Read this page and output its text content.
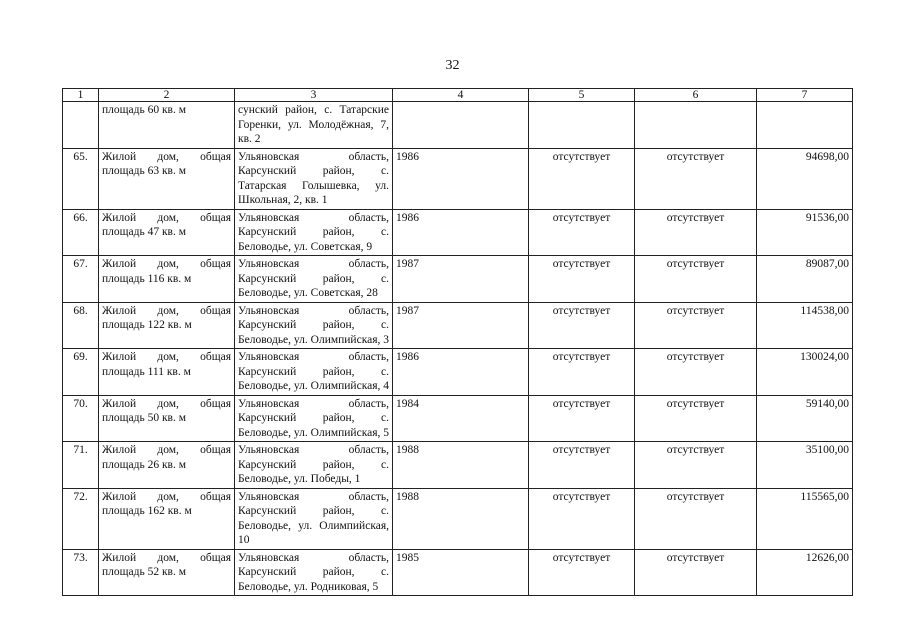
32
1	2	3	4	5	6	7
	площадь 60 кв. м	сунский район, с. Татарские Горенки, ул. Молодёжная, 7, кв. 2				
65.	Жилой дом, общая площадь 63 кв. м	Ульяновская область, Карсунский район, с. Татарская Голышевка, ул. Школьная, 2, кв. 1	1986	отсутствует	отсутствует	94698,00
66.	Жилой дом, общая площадь 47 кв. м	Ульяновская область, Карсунский район, с. Беловодье, ул. Советская, 9	1986	отсутствует	отсутствует	91536,00
67.	Жилой дом, общая площадь 116 кв. м	Ульяновская область, Карсунский район, с. Беловодье, ул. Советская, 28	1987	отсутствует	отсутствует	89087,00
68.	Жилой дом, общая площадь 122 кв. м	Ульяновская область, Карсунский район, с. Беловодье, ул. Олимпийская, 3	1987	отсутствует	отсутствует	114538,00
69.	Жилой дом, общая площадь 111 кв. м	Ульяновская область, Карсунский район, с. Беловодье, ул. Олимпийская, 4	1986	отсутствует	отсутствует	130024,00
70.	Жилой дом, общая площадь 50 кв. м	Ульяновская область, Карсунский район, с. Беловодье, ул. Олимпийская, 5	1984	отсутствует	отсутствует	59140,00
71.	Жилой дом, общая площадь 26 кв. м	Ульяновская область, Карсунский район, с. Беловодье, ул. Победы, 1	1988	отсутствует	отсутствует	35100,00
72.	Жилой дом, общая площадь 162 кв. м	Ульяновская область, Карсунский район, с. Беловодье, ул. Олимпийская, 10	1988	отсутствует	отсутствует	115565,00
73.	Жилой дом, общая площадь 52 кв. м	Ульяновская область, Карсунский район, с. Беловодье, ул. Родниковая, 5	1985	отсутствует	отсутствует	12626,00
